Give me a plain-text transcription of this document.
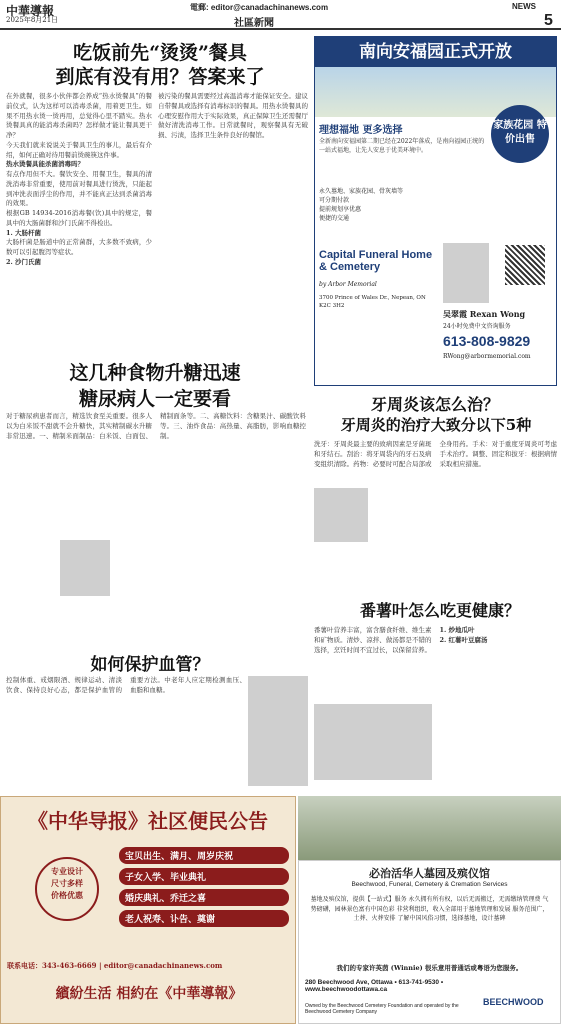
中華導報
2025年8月21日
電郵: editor@canadachinanews.com
社區新聞
NEWS
5
吃饭前先“烫烫”餐具
到底有没有用？答案来了

在外就餐，很多小伙伴都会养成“热水烫餐具”的餐前仪式，认为这样可以消毒杀菌，用着更卫生。如果不用热水烫一烫再用，总觉得心里不踏实。热水烫餐具真的能消毒杀菌吗？怎样做才能让餐具更干净？

今天我们就来说说关于餐具卫生的事儿，最后有介绍，如何正确对待用餐前烫碗筷这件事。

热水烫餐具能杀菌消毒吗？

有点作用但不大。餐饮安全、用餐卫生，餐具的清洗消毒非常重要，使用前对餐具进行烫洗，只能起到冲洗表面浮尘的作用，并不能真正达到杀菌消毒的效果。

根据GB 14934-2016消毒餐(饮)具中的规定，餐具中的大肠菌群和沙门氏菌不得检出。

1. 大肠杆菌

大肠杆菌是肠道中的正常菌群，大多数不致病，少数可以引起腹泻等症状。

2. 沙门氏菌

被污染的餐具需要经过高温消毒才能保证安全。建议自带餐具或选择有消毒标识的餐具。用热水烫餐具的心理安慰作用大于实际效果，真正保障卫生还需餐厅做好清洗消毒工作。日常就餐时，观察餐具有无破损、污渍，选择卫生条件良好的餐馆。
南向安福园正式开放
理想福地 更多选择	家族花园 特价出售
全新南向安福园第二期已经在2022年落成，是南向福园正统的一站式福地，让先人安息于优美环境中。
永久墓地、家族花园、骨灰墙等
可分期付款
提前规划享优惠
便捷的交通
Capital Funeral Home & Cemetery
by Arbor Memorial
3700 Prince of Wales Dr., Nepean, ON K2C 3H2
吴翠霞 Rexan Wong
24小时免费中文咨询服务
613-808-9829
RWong@arbormemorial.com
这几种食物升糖迅速
糖尿病人一定要看
对于糖尿病患者而言，精选饮食至关重要。很多人以为白米饭不甜就不会升糖快，其实精制碳水升糖非常迅速。一、精制米面制品：白米饭、白面包、精制面条等。二、高糖饮料：含糖果汁、碳酸饮料等。三、油炸食品：高热量、高脂肪，影响血糖控制。
牙周炎该怎么治？
牙周炎的治疗大致分以下5种
洗牙：牙周炎最主要的致病因素是牙菌斑和牙结石。刮治：将牙周袋内的牙石及病变组织清除。药物：必要时可配合局部或全身用药。手术：对于重度牙周炎可考虑手术治疗。调整、固定和拔牙：根据病情采取相应措施。
番薯叶怎么吃更健康？

番薯叶营养丰富，富含膳食纤维、维生素和矿物质。清炒、凉拌、做汤都是不错的选择，烹饪时间不宜过长，以保留营养。

1. 炒地瓜叶

2. 红薯叶豆腐汤

如何保护血管？
控制体重、戒烟限酒、规律运动、清淡饮食、保持良好心态，都是保护血管的重要方法。中老年人应定期检测血压、血脂和血糖。
《中华导报》社区便民公告
专业设计
尺寸多样
价格优惠
宝贝出生、满月、周岁庆祝
子女入学、毕业典礼
婚庆典礼、乔迁之喜
老人祝寿、讣告、奠谢
联系电话：343-463-6669 | editor@canadachinanews.com
繽紛生活 相約在《中華導報》
必治活华人墓园及殡仪馆
Beechwood, Funeral, Cemetery & Cremation Services
墓地及殡仪馆，提供【一站式】服务 永久拥有所有权，以后无需搬迁，无需缴纳管理费 气势磅礴，园林景色富有中国色彩 非营利组织，收入全部用于墓地管理和发展 服务范围广，土葬、火葬安排 了解中国风俗习惯，选择墓地，设计墓碑
我们的专家许英茵 (Winnie) 很乐意用普通话或粤语为您服务。
280 Beechwood Ave, Ottawa • 613-741-9530 • www.beechwoodottawa.ca
Owned by the Beechwood Cemetery Foundation and operated by the Beechwood Cemetery Company
BEECHWOOD
